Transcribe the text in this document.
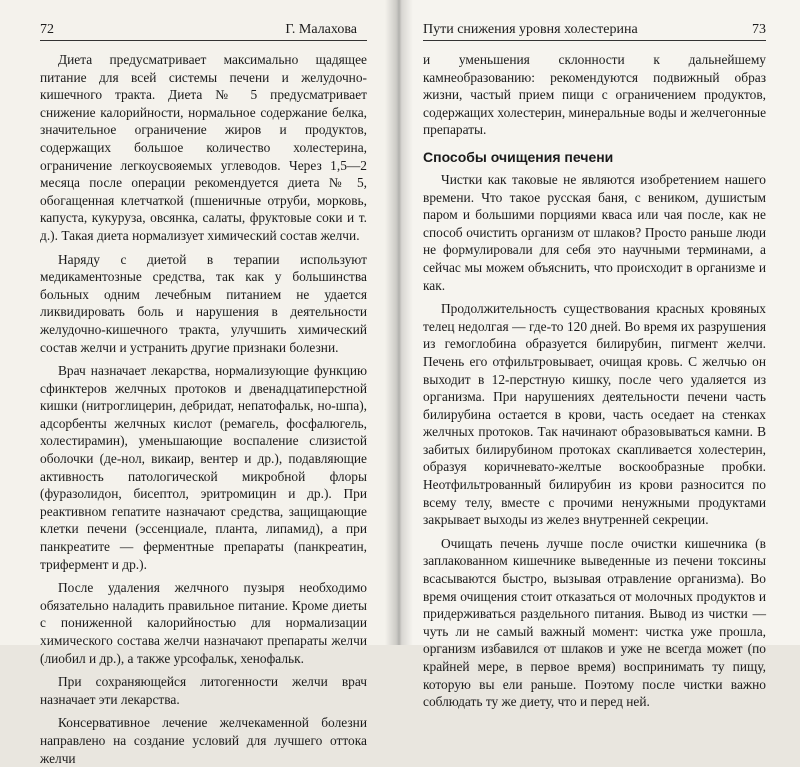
72	Г. Малахова

Диета предусматривает максимально щадящее питание для всей системы печени и желудочно-кишечного тракта. Диета № 5 предусматривает снижение калорийности, нормальное содержание белка, значительное ограничение жиров и продуктов, содержащих большое количество холестерина, ограничение легкоусвояемых углеводов. Через 1,5—2 месяца после операции рекомендуется диета № 5, обогащенная клетчаткой (пшеничные отруби, морковь, капуста, кукуруза, овсянка, салаты, фруктовые соки и т. д.). Такая диета нормализует химический состав желчи.

Наряду с диетой в терапии используют медикаментозные средства, так как у большинства больных одним лечебным питанием не удается ликвидировать боль и нарушения в деятельности желудочно-кишечного тракта, улучшить химический состав желчи и устранить другие признаки болезни.

Врач назначает лекарства, нормализующие функцию сфинктеров желчных протоков и двенадцатиперстной кишки (нитроглицерин, дебридат, непатофальк, но-шпа), адсорбенты желчных кислот (ремагель, фосфалюгель, холестирамин), уменьшающие воспаление слизистой оболочки (де-нол, викаир, вентер и др.), подавляющие активность патологической микробной флоры (фуразолидон, бисептол, эритромицин и др.). При реактивном гепатите назначают средства, защищающие клетки печени (эссенциале, планта, липамид), а при панкреатите — ферментные препараты (панкреатин, трифермент и др.).

После удаления желчного пузыря необходимо обязательно наладить правильное питание. Кроме диеты с пониженной калорийностью для нормализации химического состава желчи назначают препараты желчи (лиобил и др.), а также урсофальк, хенофальк.

При сохраняющейся литогенности желчи врач назначает эти лекарства.

Консервативное лечение желчекаменной болезни направлено на создание условий для лучшего оттока желчи

Пути снижения уровня холестерина	73

и уменьшения склонности к дальнейшему камнеобразованию: рекомендуются подвижный образ жизни, частый прием пищи с ограничением продуктов, содержащих холестерин, минеральные воды и желчегонные препараты.

Способы очищения печени

Чистки как таковые не являются изобретением нашего времени. Что такое русская баня, с веником, душистым паром и большими порциями кваса или чая после, как не способ очистить организм от шлаков? Просто раньше люди не формулировали для себя это научными терминами, а сейчас мы можем объяснить, что происходит в организме и как.

Продолжительность существования красных кровяных телец недолгая — где-то 120 дней. Во время их разрушения из гемоглобина образуется билирубин, пигмент желчи. Печень его отфильтровывает, очищая кровь. С желчью он выходит в 12-перстную кишку, после чего удаляется из организма. При нарушениях деятельности печени часть билирубина остается в крови, часть оседает на стенках желчных протоков. Так начинают образовываться камни. В забитых билирубином протоках скапливается холестерин, образуя коричневато-желтые воскообразные пробки. Неотфильтрованный билирубин из крови разносится по всему телу, вместе с прочими ненужными продуктами закрывает выходы из желез внутренней секреции.

Очищать печень лучше после очистки кишечника (в заплакованном кишечнике выведенные из печени токсины всасываются быстро, вызывая отравление организма). Во время очищения стоит отказаться от молочных продуктов и придерживаться раздельного питания. Вывод из чистки — чуть ли не самый важный момент: чистка уже прошла, организм избавился от шлаков и уже не всегда может (по крайней мере, в первое время) воспринимать ту пищу, которую вы ели раньше. Поэтому после чистки важно соблюдать ту же диету, что и перед ней.
